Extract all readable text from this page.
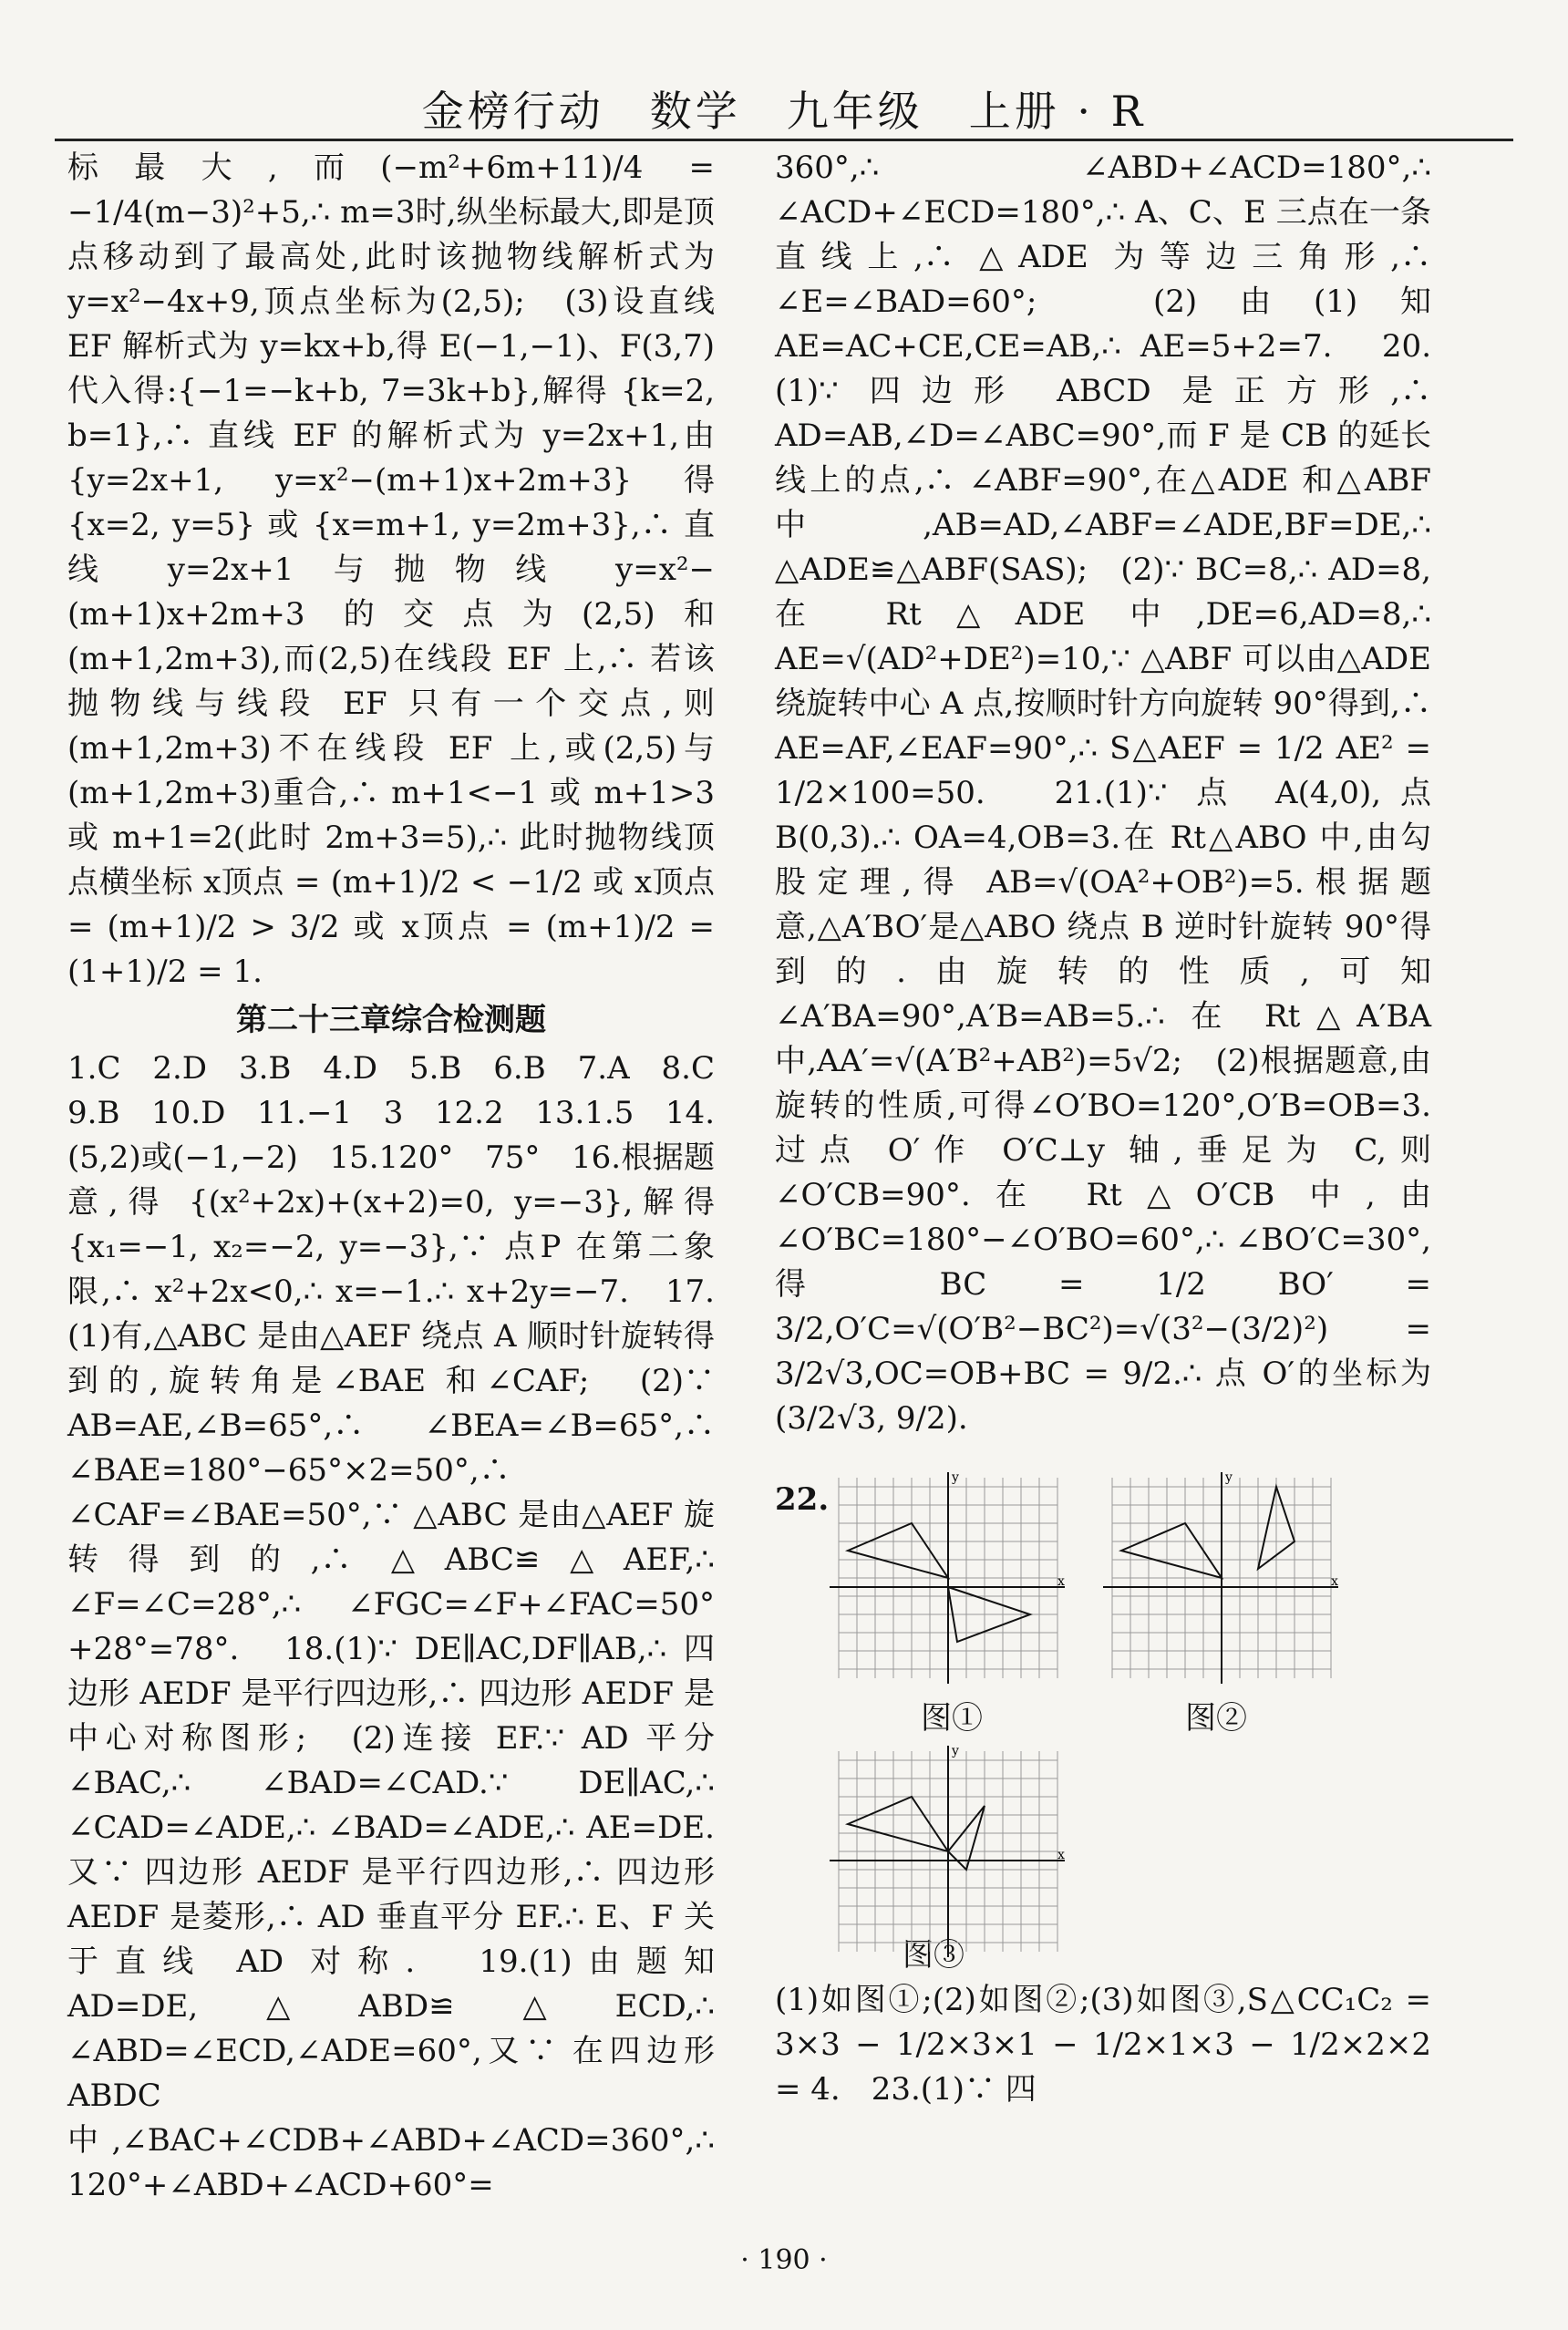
金榜行动　数学　九年级　上册 · R

标最大,而(−m²+6m+11)/4 = −1/4(m−3)²+5,∴ m=3时,纵坐标最大,即是顶点移动到了最高处,此时该抛物线解析式为 y=x²−4x+9,顶点坐标为(2,5);　(3)设直线 EF 解析式为 y=kx+b,得 E(−1,−1)、F(3,7)代入得:{−1=−k+b, 7=3k+b},解得 {k=2, b=1},∴ 直线 EF 的解析式为 y=2x+1,由 {y=2x+1, y=x²−(m+1)x+2m+3} 得 {x=2, y=5} 或 {x=m+1, y=2m+3},∴ 直线 y=2x+1 与抛物线 y=x²−(m+1)x+2m+3 的交点为(2,5)和(m+1,2m+3),而(2,5)在线段 EF 上,∴ 若该抛物线与线段 EF 只有一个交点,则(m+1,2m+3)不在线段 EF 上,或(2,5)与(m+1,2m+3)重合,∴ m+1<−1 或 m+1>3 或 m+1=2(此时 2m+3=5),∴ 此时抛物线顶点横坐标 x顶点 = (m+1)/2 < −1/2 或 x顶点 = (m+1)/2 > 3/2 或 x顶点 = (m+1)/2 = (1+1)/2 = 1.

第二十三章综合检测题

1.C　2.D　3.B　4.D　5.B　6.B　7.A　8.C　9.B　10.D　11.−1　3　12.2　13.1.5　14.(5,2)或(−1,−2)　15.120°　75°　16.根据题意,得 {(x²+2x)+(x+2)=0, y=−3},解得 {x₁=−1, x₂=−2, y=−3},∵ 点P 在第二象限,∴ x²+2x<0,∴ x=−1.∴ x+2y=−7.　17.(1)有,△ABC 是由△AEF 绕点 A 顺时针旋转得到的,旋转角是∠BAE 和∠CAF;　(2)∵ AB=AE,∠B=65°,∴ ∠BEA=∠B=65°,∴ ∠BAE=180°−65°×2=50°,∴ ∠CAF=∠BAE=50°,∵ △ABC 是由△AEF 旋转得到的,∴ △ABC≌△AEF,∴ ∠F=∠C=28°,∴ ∠FGC=∠F+∠FAC=50°+28°=78°.　18.(1)∵ DE∥AC,DF∥AB,∴ 四边形 AEDF 是平行四边形,∴ 四边形 AEDF 是中心对称图形;　(2)连接 EF.∵ AD 平分∠BAC,∴ ∠BAD=∠CAD.∵ DE∥AC,∴ ∠CAD=∠ADE,∴ ∠BAD=∠ADE,∴ AE=DE.又∵ 四边形 AEDF 是平行四边形,∴ 四边形 AEDF 是菱形,∴ AD 垂直平分 EF.∴ E、F 关于直线 AD 对称.　19.(1)由题知 AD=DE,△ABD≌△ECD,∴ ∠ABD=∠ECD,∠ADE=60°,又∵ 在四边形 ABDC 中,∠BAC+∠CDB+∠ABD+∠ACD=360°,∴ 120°+∠ABD+∠ACD+60°=

360°,∴ ∠ABD+∠ACD=180°,∴ ∠ACD+∠ECD=180°,∴ A、C、E 三点在一条直线上,∴ △ADE 为等边三角形,∴ ∠E=∠BAD=60°;　(2)由(1)知 AE=AC+CE,CE=AB,∴ AE=5+2=7.　20.(1)∵ 四边形 ABCD 是正方形,∴ AD=AB,∠D=∠ABC=90°,而 F 是 CB 的延长线上的点,∴ ∠ABF=90°,在△ADE 和△ABF 中,AB=AD,∠ABF=∠ADE,BF=DE,∴ △ADE≌△ABF(SAS);　(2)∵ BC=8,∴ AD=8,在 Rt△ADE 中,DE=6,AD=8,∴ AE=√(AD²+DE²)=10,∵ △ABF 可以由△ADE 绕旋转中心 A 点,按顺时针方向旋转 90°得到,∴ AE=AF,∠EAF=90°,∴ S△AEF = 1/2 AE² = 1/2×100=50.　21.(1)∵ 点 A(4,0),点 B(0,3).∴ OA=4,OB=3.在 Rt△ABO 中,由勾股定理,得 AB=√(OA²+OB²)=5.根据题意,△A′BO′是△ABO 绕点 B 逆时针旋转 90°得到的.由旋转的性质,可知∠A′BA=90°,A′B=AB=5.∴ 在 Rt△A′BA 中,AA′=√(A′B²+AB²)=5√2;　(2)根据题意,由旋转的性质,可得∠O′BO=120°,O′B=OB=3.过点 O′作 O′C⊥y 轴,垂足为 C,则∠O′CB=90°.在 Rt△O′CB 中,由∠O′BC=180°−∠O′BO=60°,∴ ∠BO′C=30°,得 BC = 1/2 BO′ = 3/2,O′C=√(O′B²−BC²)=√(3²−(3/2)²) = 3/2√3,OC=OB+BC = 9/2.∴ 点 O′的坐标为(3/2√3, 9/2).

22.
x
y
图①
x
y
图②
x
y

图③

(1)如图①;(2)如图②;(3)如图③,S△CC₁C₂ = 3×3 − 1/2×3×1 − 1/2×1×3 − 1/2×2×2 = 4.　23.(1)∵ 四

· 190 ·
